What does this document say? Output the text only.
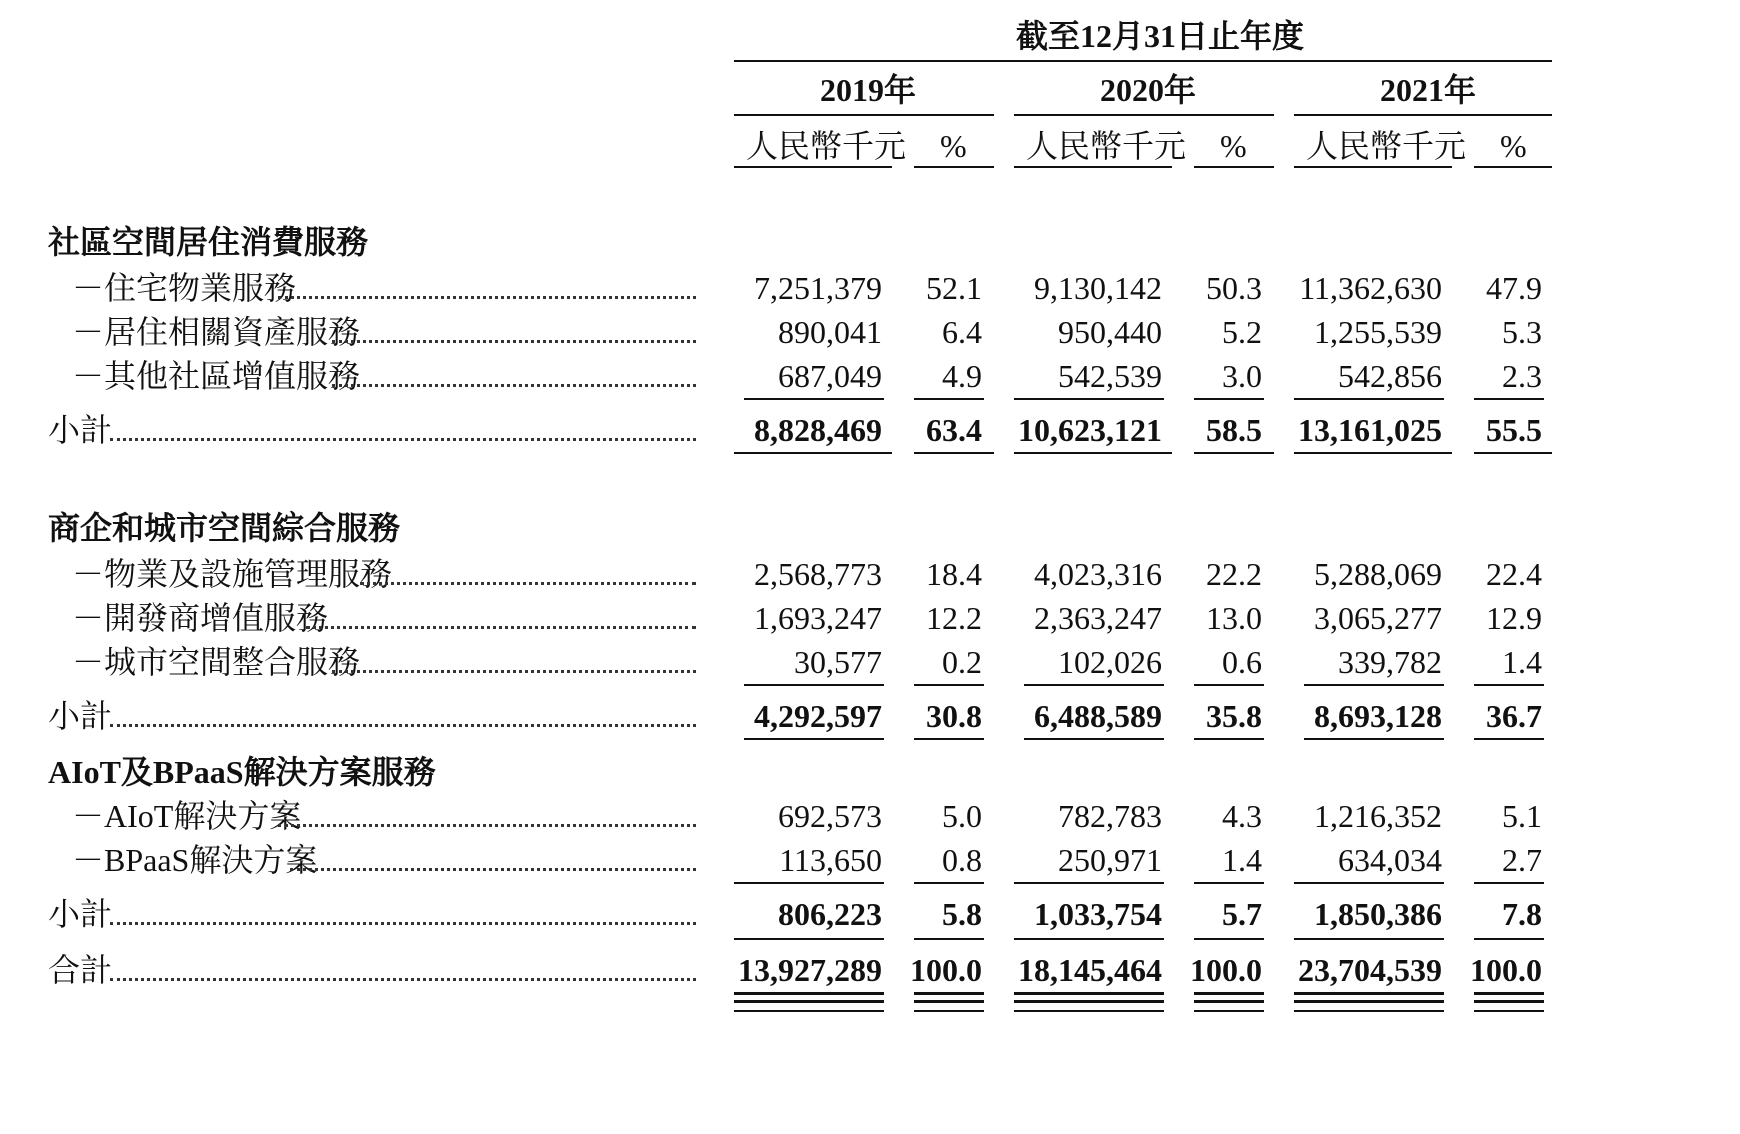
截至12月31日止年度
2019年	2020年	2021年
人民幣千元 % 人民幣千元 % 人民幣千元 %
社區空間居住消費服務
－住宅物業服務	7,251,379 52.1 9,130,142 50.3 11,362,630 47.9
－居住相關資產服務	890,041 6.4 950,440 5.2 1,255,539 5.3
－其他社區增值服務	687,049 4.9 542,539 3.0 542,856 2.3
小計	8,828,469 63.4 10,623,121 58.5 13,161,025 55.5
商企和城市空間綜合服務
－物業及設施管理服務	2,568,773 18.4 4,023,316 22.2 5,288,069 22.4
－開發商增值服務	1,693,247 12.2 2,363,247 13.0 3,065,277 12.9
－城市空間整合服務	30,577 0.2 102,026 0.6 339,782 1.4
小計	4,292,597 30.8 6,488,589 35.8 8,693,128 36.7
AIoT及BPaaS解決方案服務
－AIoT解決方案	692,573 5.0 782,783 4.3 1,216,352 5.1
－BPaaS解決方案	113,650 0.8 250,971 1.4 634,034 2.7
小計	806,223 5.8 1,033,754 5.7 1,850,386 7.8
合計	13,927,289 100.0 18,145,464 100.0 23,704,539 100.0
